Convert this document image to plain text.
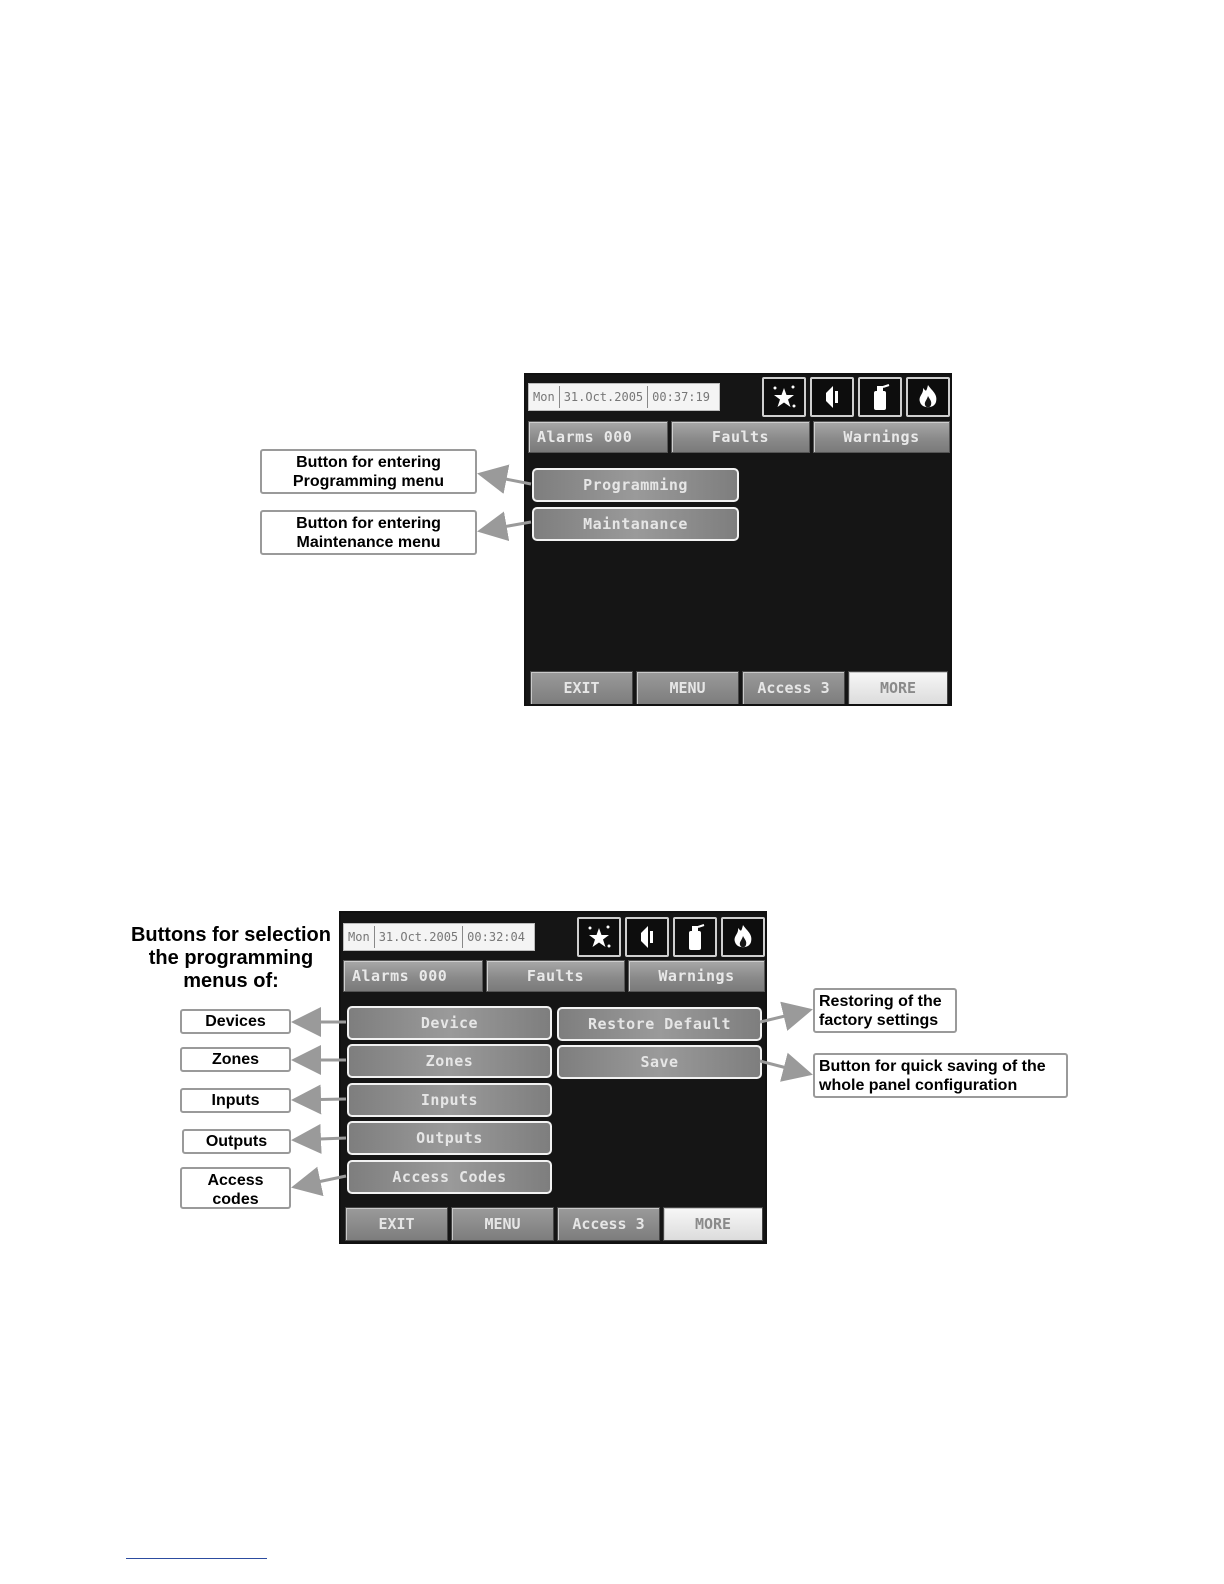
Mon 31.Oct.2005 00:37:19
Alarms 000	Faults	Warnings
Programming
Maintanance
EXIT	MENU	Access 3	MORE
Button for entering
Programming menu
Button for entering
Maintenance menu
Buttons for selection
the programming
menus of:
Mon 31.Oct.2005 00:32:04
Alarms 000	Faults	Warnings
Device
Zones
Inputs
Outputs
Access Codes
Restore Default
Save
EXIT	MENU	Access 3	MORE
Devices
Zones
Inputs
Outputs
Access
codes
Restoring of the
factory settings
Button for quick saving of the
whole panel configuration
